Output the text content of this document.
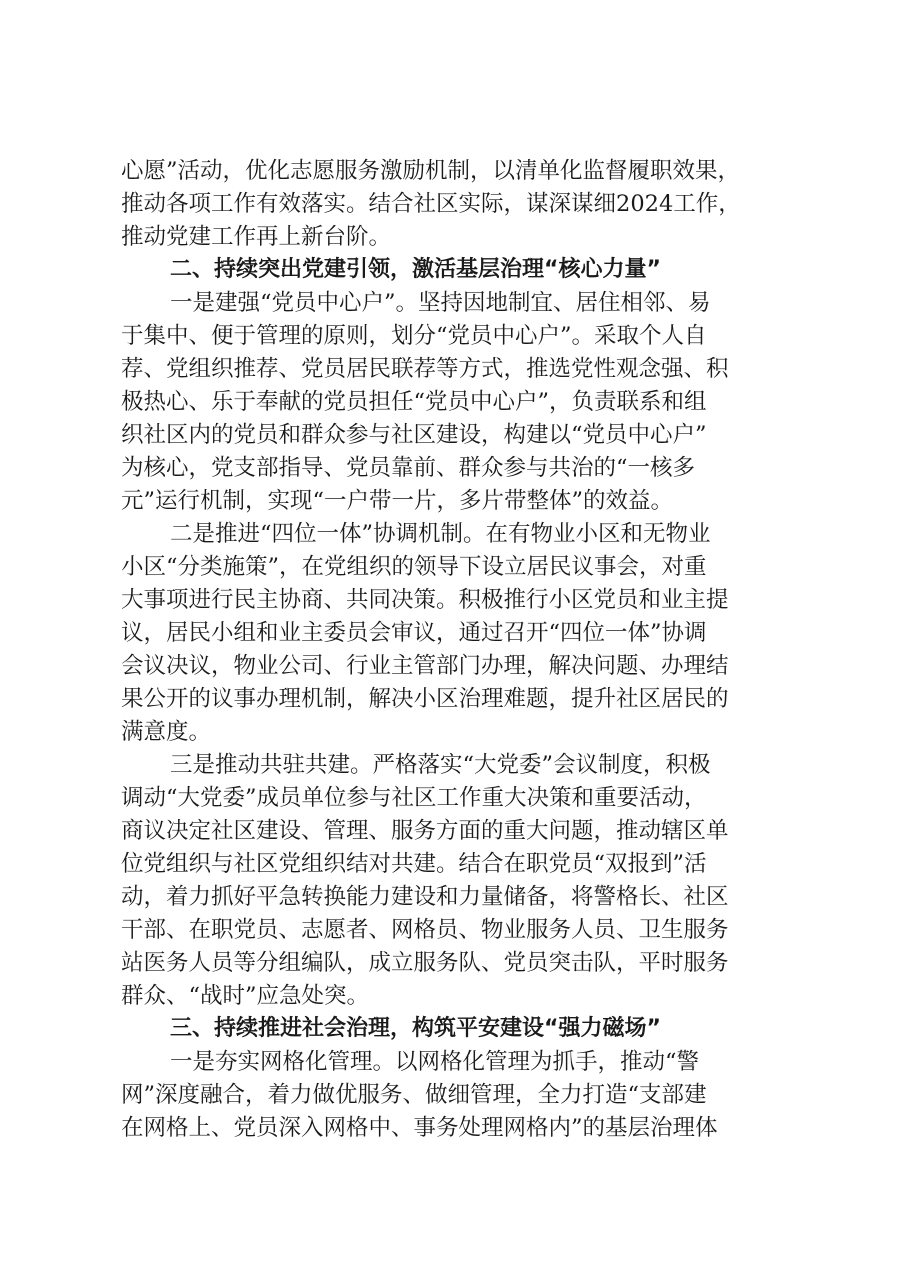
心愿”活动，优化志愿服务激励机制，以清单化监督履职效果，
推动各项工作有效落实。结合社区实际，谋深谋细2024工作，
推动党建工作再上新台阶。
二、持续突出党建引领，激活基层治理“核心力量”
一是建强“党员中心户”。坚持因地制宜、居住相邻、易
于集中、便于管理的原则，划分“党员中心户”。采取个人自
荐、党组织推荐、党员居民联荐等方式，推选党性观念强、积
极热心、乐于奉献的党员担任“党员中心户”，负责联系和组
织社区内的党员和群众参与社区建设，构建以“党员中心户”
为核心，党支部指导、党员靠前、群众参与共治的“一核多
元”运行机制，实现“一户带一片，多片带整体”的效益。
二是推进“四位一体”协调机制。在有物业小区和无物业
小区“分类施策”，在党组织的领导下设立居民议事会，对重
大事项进行民主协商、共同决策。积极推行小区党员和业主提
议，居民小组和业主委员会审议，通过召开“四位一体”协调
会议决议，物业公司、行业主管部门办理，解决问题、办理结
果公开的议事办理机制，解决小区治理难题，提升社区居民的
满意度。
三是推动共驻共建。严格落实“大党委”会议制度，积极
调动“大党委”成员单位参与社区工作重大决策和重要活动，
商议决定社区建设、管理、服务方面的重大问题，推动辖区单
位党组织与社区党组织结对共建。结合在职党员“双报到”活
动，着力抓好平急转换能力建设和力量储备，将警格长、社区
干部、在职党员、志愿者、网格员、物业服务人员、卫生服务
站医务人员等分组编队，成立服务队、党员突击队，平时服务
群众、“战时”应急处突。
三、持续推进社会治理，构筑平安建设“强力磁场”
一是夯实网格化管理。以网格化管理为抓手，推动“警
网”深度融合，着力做优服务、做细管理，全力打造“支部建
在网格上、党员深入网格中、事务处理网格内”的基层治理体
